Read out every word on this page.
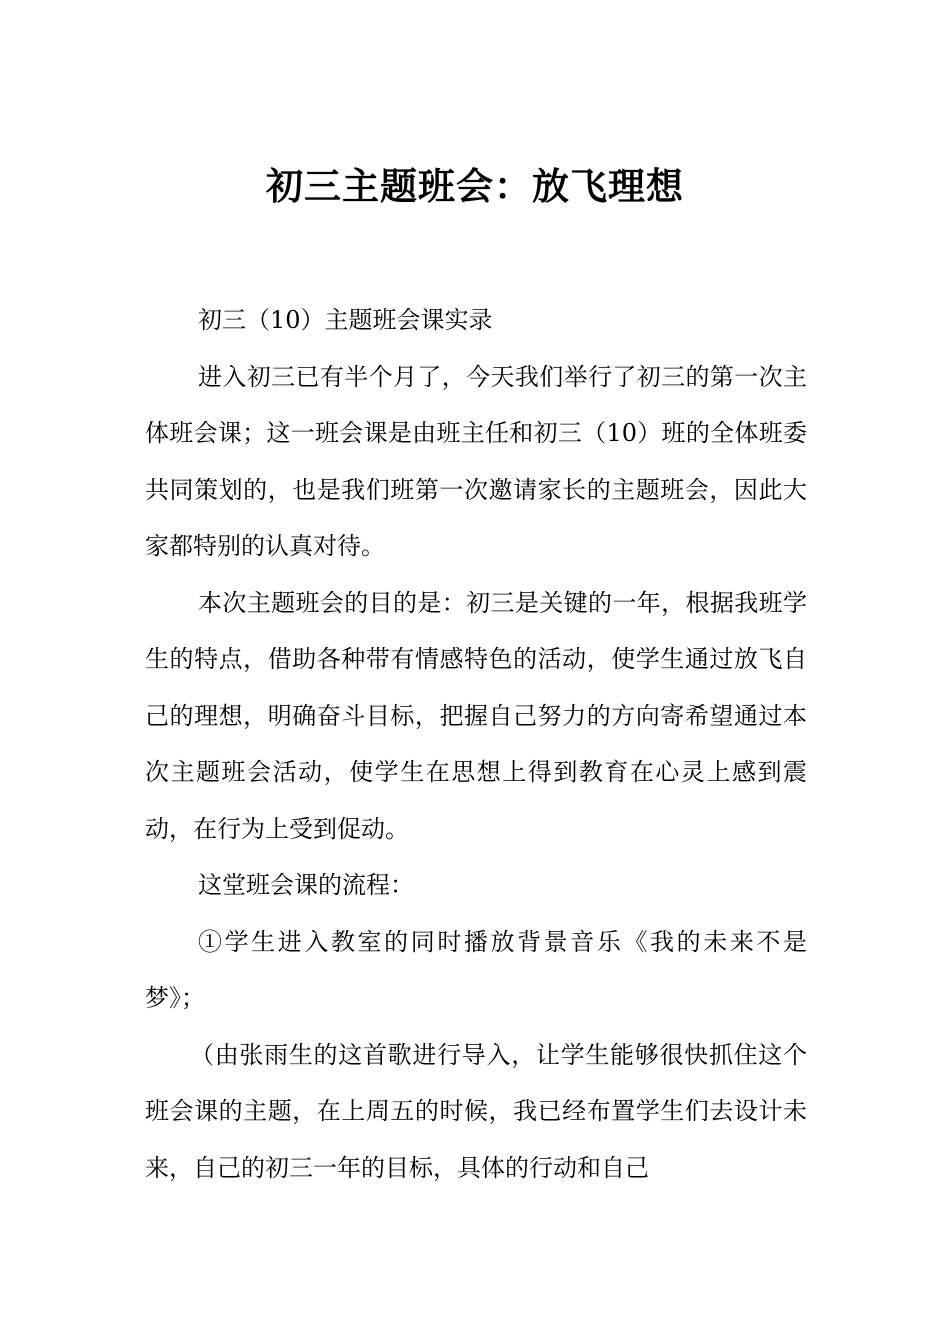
初三主题班会：放飞理想

初三（10）主题班会课实录

进入初三已有半个月了，今天我们举行了初三的第一次主体班会课；这一班会课是由班主任和初三（10）班的全体班委共同策划的，也是我们班第一次邀请家长的主题班会，因此大家都特别的认真对待。

本次主题班会的目的是：初三是关键的一年，根据我班学生的特点，借助各种带有情感特色的活动，使学生通过放飞自己的理想，明确奋斗目标，把握自己努力的方向寄希望通过本次主题班会活动，使学生在思想上得到教育在心灵上感到震动，在行为上受到促动。

这堂班会课的流程：

①学生进入教室的同时播放背景音乐《我的未来不是梦》；

（由张雨生的这首歌进行导入，让学生能够很快抓住这个班会课的主题，在上周五的时候，我已经布置学生们去设计未来，自己的初三一年的目标，具体的行动和自己
